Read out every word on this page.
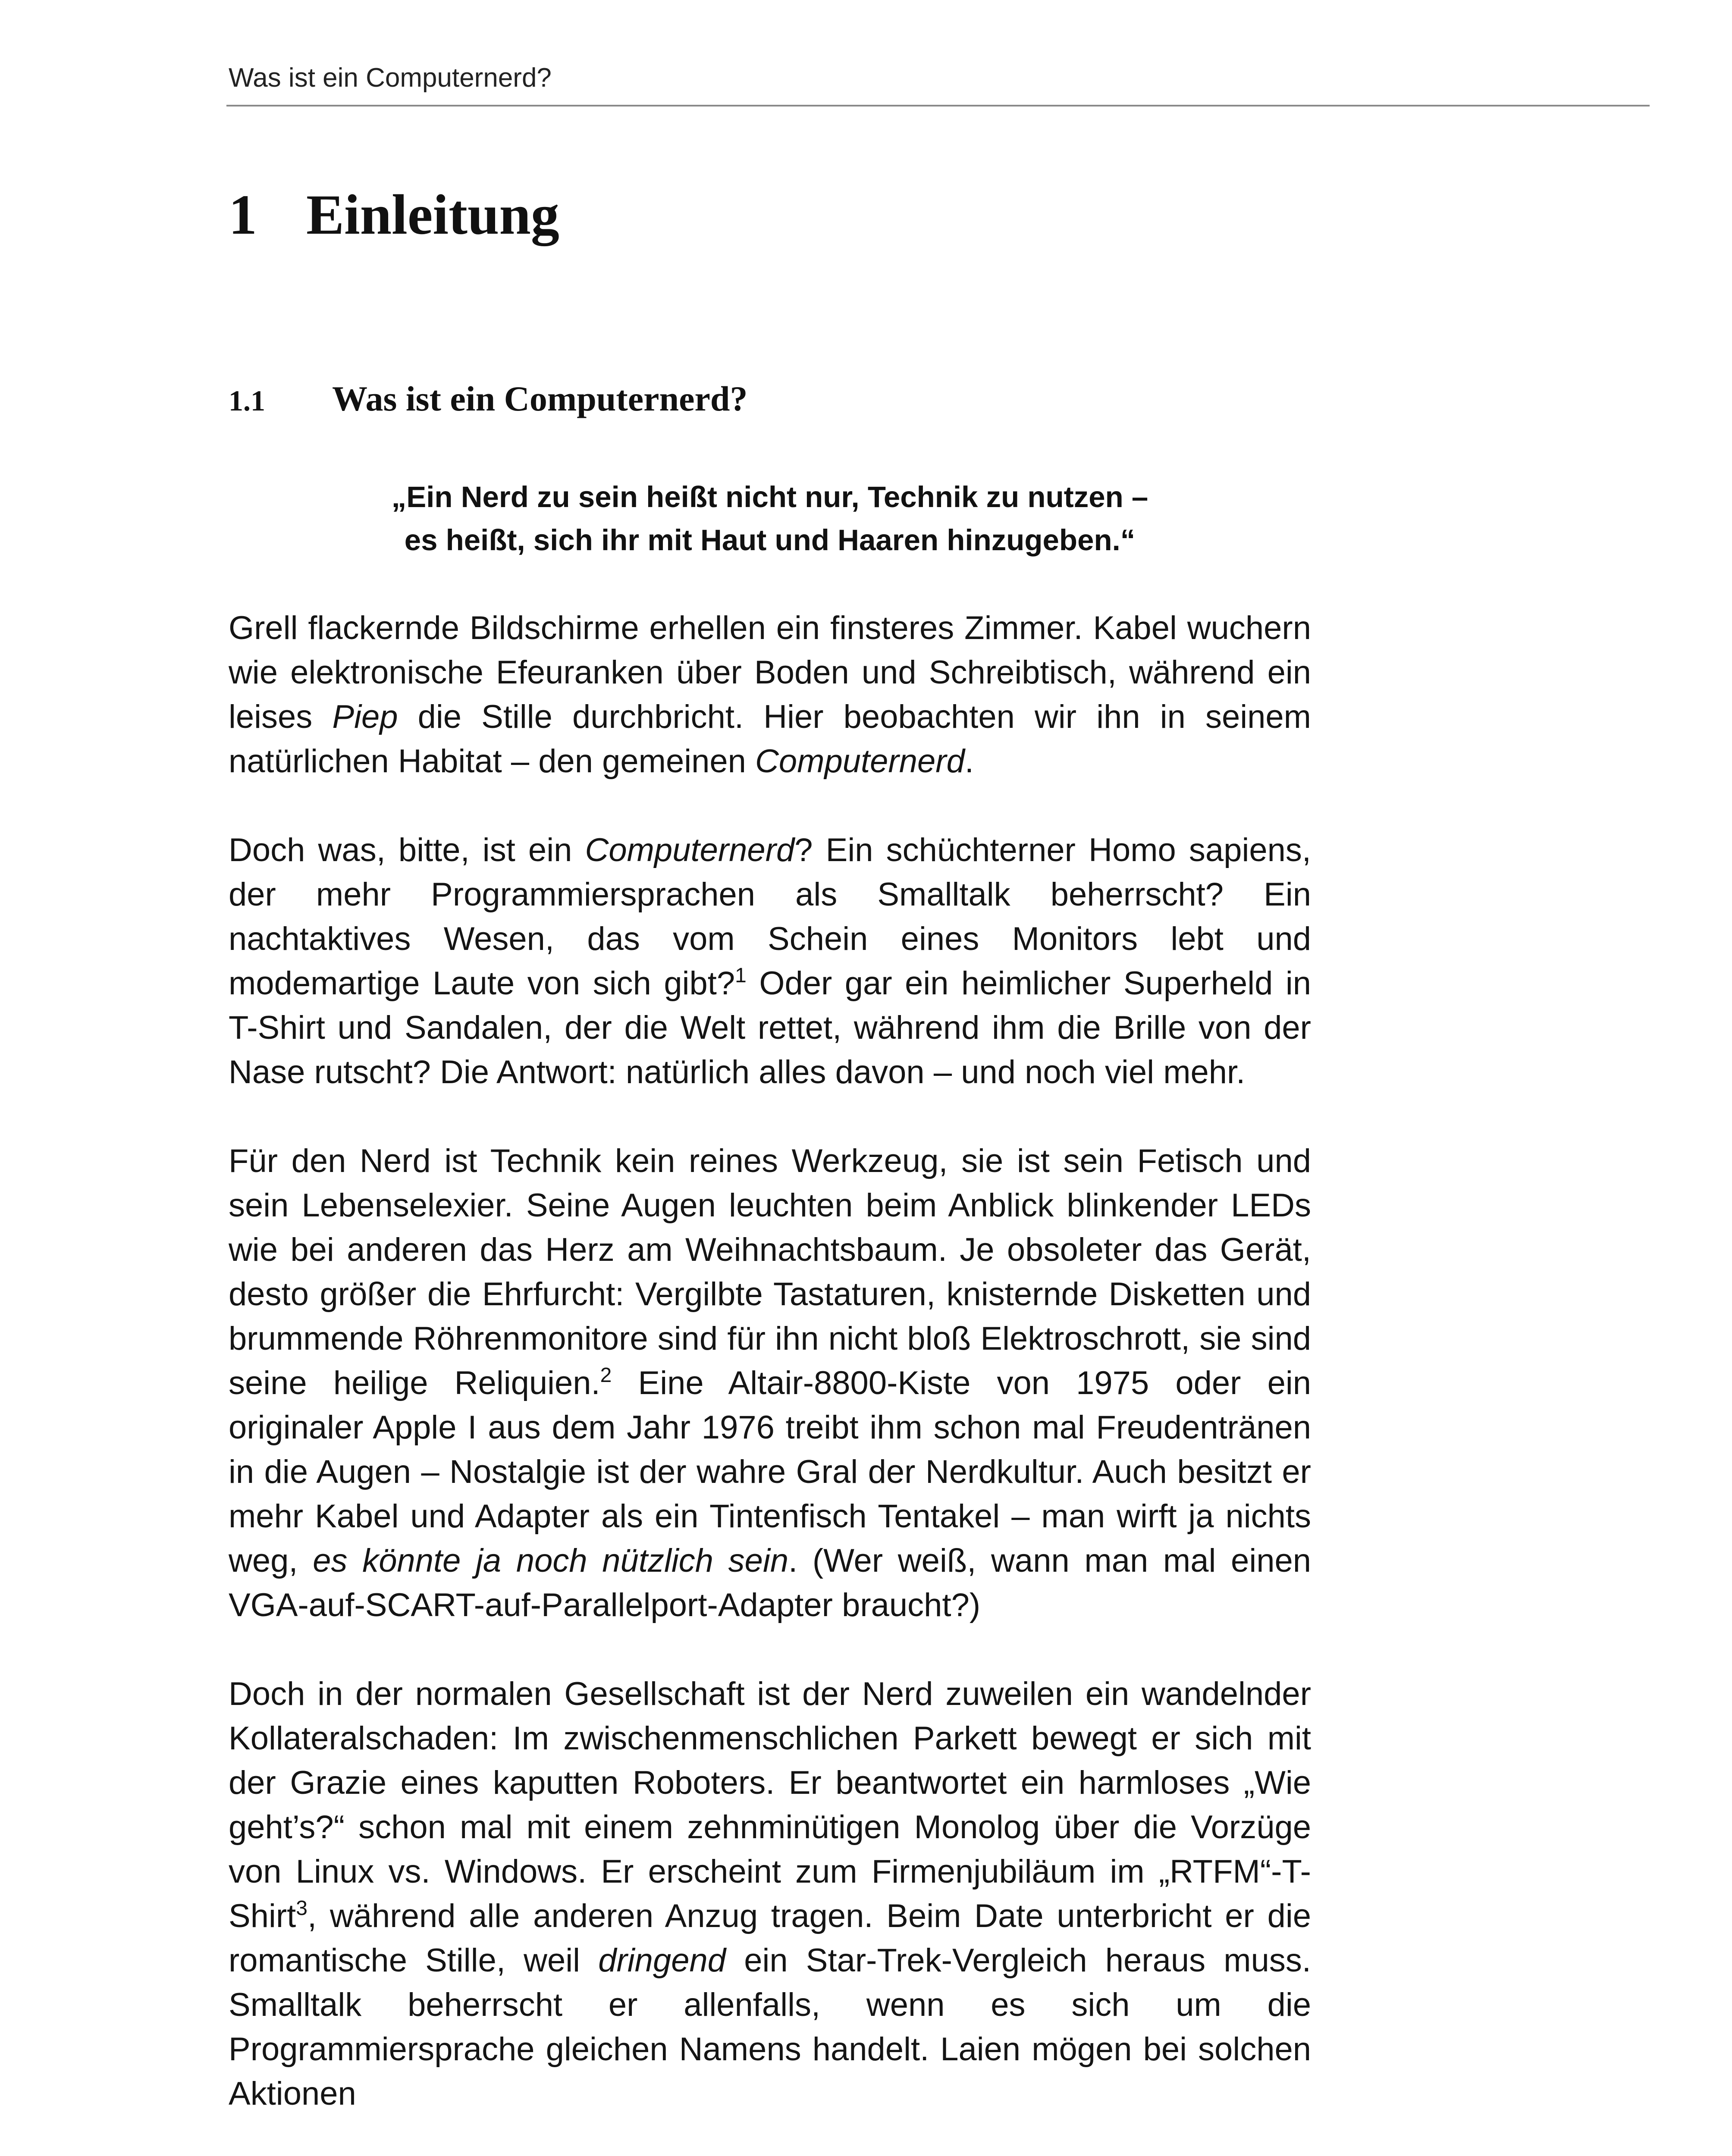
Was ist ein Computernerd?
1 Einleitung
1.1 Was ist ein Computernerd?
„Ein Nerd zu sein heißt nicht nur, Technik zu nutzen –
es heißt, sich ihr mit Haut und Haaren hinzugeben.“

Grell flackernde Bildschirme erhellen ein finsteres Zimmer. Kabel wuchern wie elektronische Efeuranken über Boden und Schreibtisch, während ein leises Piep die Stille durchbricht. Hier beobachten wir ihn in seinem natürlichen Habitat – den gemeinen Computernerd.

Doch was, bitte, ist ein Computernerd? Ein schüchterner Homo sapiens, der mehr Programmiersprachen als Smalltalk beherrscht? Ein nachtaktives Wesen, das vom Schein eines Monitors lebt und modemartige Laute von sich gibt?$^1$ Oder gar ein heimlicher Superheld in T-Shirt und Sandalen, der die Welt rettet, während ihm die Brille von der Nase rutscht? Die Antwort: natürlich alles davon – und noch viel mehr.

Für den Nerd ist Technik kein reines Werkzeug, sie ist sein Fetisch und sein Lebenselexier. Seine Augen leuchten beim Anblick blinkender LEDs wie bei anderen das Herz am Weihnachtsbaum. Je obsoleter das Gerät, desto größer die Ehrfurcht: Vergilbte Tastaturen, knisternde Disketten und brummende Röhrenmonitore sind für ihn nicht bloß Elektroschrott, sie sind seine heilige Reliquien.$^2$ Eine Altair-8800-Kiste von 1975 oder ein originaler Apple I aus dem Jahr 1976 treibt ihm schon mal Freudentränen in die Augen – Nostalgie ist der wahre Gral der Nerdkultur. Auch besitzt er mehr Kabel und Adapter als ein Tintenfisch Tentakel – man wirft ja nichts weg, es könnte ja noch nützlich sein. (Wer weiß, wann man mal einen VGA-auf-SCART-auf-Parallelport-Adapter braucht?)

Doch in der normalen Gesellschaft ist der Nerd zuweilen ein wandelnder Kollateralschaden: Im zwischenmenschlichen Parkett bewegt er sich mit der Grazie eines kaputten Roboters. Er beantwortet ein harmloses „Wie geht’s?“ schon mal mit einem zehnminütigen Monolog über die Vorzüge von Linux vs. Windows. Er erscheint zum Firmenjubiläum im „RTFM“-T-Shirt$^3$, während alle anderen Anzug tragen. Beim Date unterbricht er die romantische Stille, weil dringend ein Star-Trek-Vergleich heraus muss. Smalltalk beherrscht er allenfalls, wenn es sich um die Programmiersprache gleichen Namens handelt. Laien mögen bei solchen Aktionen
